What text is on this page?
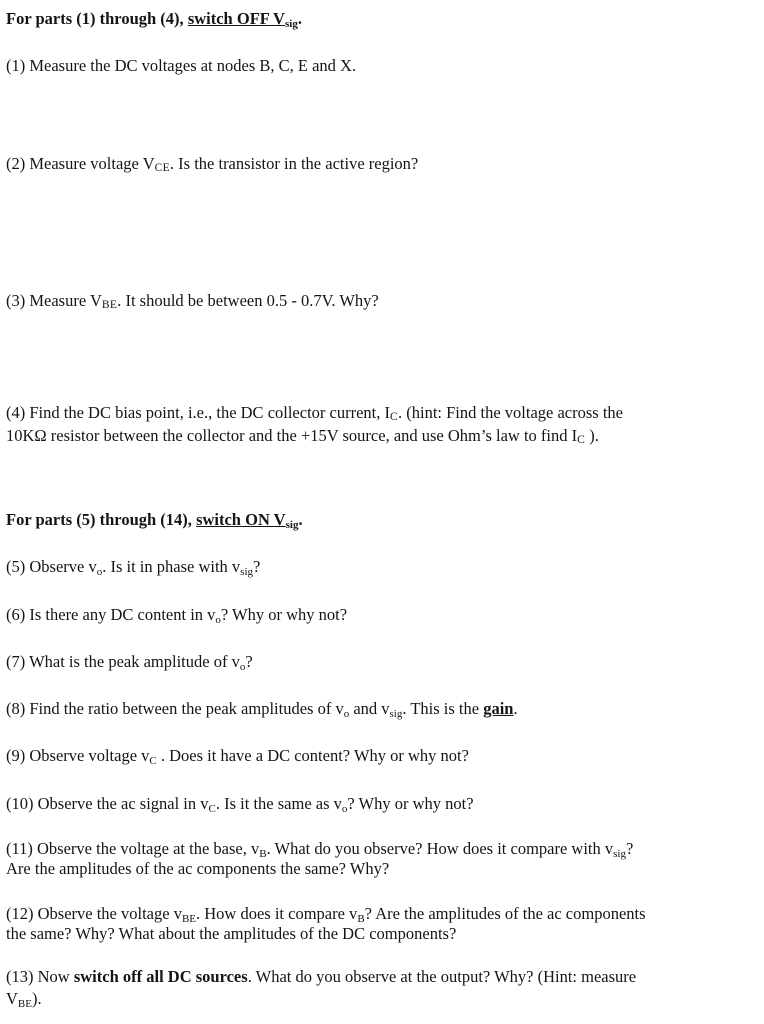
For parts (1) through (4), switch OFF $V_{sig}$.
(1) Measure the DC voltages at nodes B, C, E and X.
(2) Measure voltage VCE. Is the transistor in the active region?
(3) Measure VBE. It should be between 0.5 - 0.7V. Why?
(4) Find the DC bias point, i.e., the DC collector current, IC. (hint: Find the voltage across the
10KΩ resistor between the collector and the +15V source, and use Ohm’s law to find IC ).
For parts (5) through (14), switch ON $V_{sig}$.
(5) Observe $v_o$. Is it in phase with $v_{sig}$?
(6) Is there any DC content in $v_o$? Why or why not?
(7) What is the peak amplitude of $v_o$?
(8) Find the ratio between the peak amplitudes of $v_o$ and $v_{sig}$. This is the gain.
(9) Observe voltage $v_C$ . Does it have a DC content? Why or why not?
(10) Observe the ac signal in $v_C$. Is it the same as $v_o$? Why or why not?
(11) Observe the voltage at the base, $v_B$. What do you observe? How does it compare with $v_{sig}$?
Are the amplitudes of the ac components the same? Why?
(12) Observe the voltage $v_{BE}$. How does it compare $v_B$? Are the amplitudes of the ac components
the same? Why? What about the amplitudes of the DC components?
(13) Now switch off all DC sources. What do you observe at the output? Why? (Hint: measure
$V_{BE}$).
